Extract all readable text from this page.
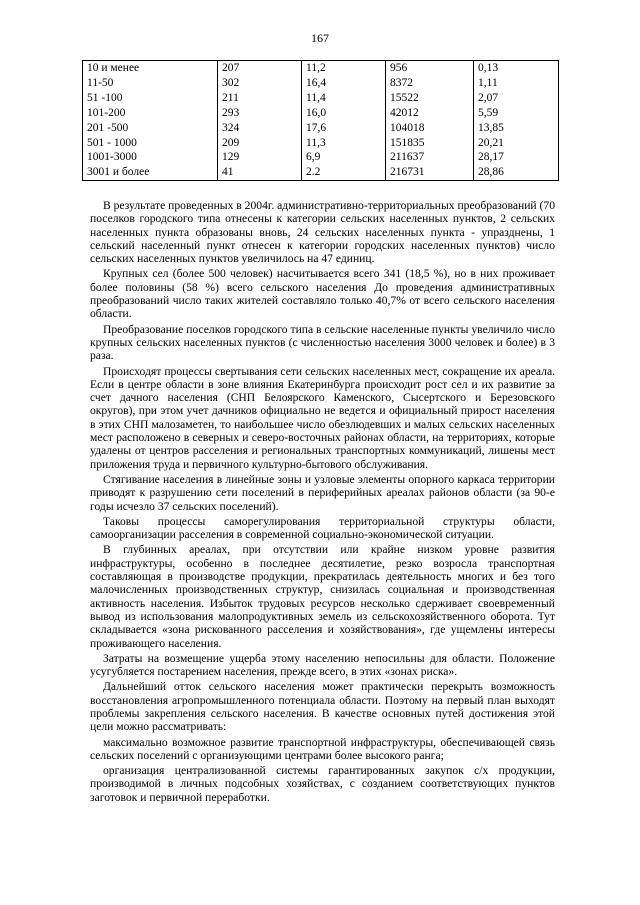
167
10 и менее	207	11,2	956	0,13
11-50	302	16,4	8372	1,11
51 -100	211	11,4	15522	2,07
101-200	293	16,0	42012	5,59
201 -500	324	17,6	104018	13,85
501 - 1000	209	11,3	151835	20,21
1001-3000	129	6,9	211637	28,17
3001 и более	41	2.2	216731	28,86

В результате проведенных в 2004г. административно-территориальных преобразований (70 поселков городского типа отнесены к категории сельских населенных пунктов, 2 сельских населенных пункта образованы вновь, 24 сельских населенных пункта - упразднены, 1 сельский населенный пункт отнесен к категории городских населенных пунктов) число сельских населенных пунктов увеличилось на 47 единиц.

Крупных сел (более 500 человек) насчитывается всего 341 (18,5 %), но в них проживает более половины (58 %) всего сельского населения До проведения административных преобразований число таких жителей составляло только 40,7% от всего сельского населения области.

Преобразование поселков городского типа в сельские населенные пункты увеличило число крупных сельских населенных пунктов (с численностью населения 3000 человек и более) в 3 раза.

Происходят процессы свертывания сети сельских населенных мест, сокращение их ареала. Если в центре области в зоне влияния Екатеринбурга происходит рост сел и их развитие за счет дачного населения (СНП Белоярского Каменского, Сысертского и Березовского округов), при этом учет дачников официально не ведется и официальный прирост населения в этих СНП малозаметен, то наибольшее число обезлюдевших и малых сельских населенных мест расположено в северных и северо-восточных районах области, на территориях, которые удалены от центров расселения и региональных транспортных коммуникаций, лишены мест приложения труда и первичного культурно-бытового обслуживания.

Стягивание населения в линейные зоны и узловые элементы опорного каркаса территории приводят к разрушению сети поселений в периферийных ареалах районов области (за 90-е годы исчезло 37 сельских поселений).

Таковы процессы саморегулирования территориальной структуры области, самоорганизации расселения в современной социально-экономической ситуации.

В глубинных ареалах, при отсутствии или крайне низком уровне развития инфраструктуры, особенно в последнее десятилетие, резко возросла транспортная составляющая в производстве продукции, прекратилась деятельность многих и без того малочисленных производственных структур, снизилась социальная и производственная активность населения. Избыток трудовых ресурсов несколько сдерживает своевременный вывод из использования малопродуктивных земель из сельскохозяйственного оборота. Тут складывается «зона рискованного расселения и хозяйствования», где ущемлены интересы проживающего населения.

Затраты на возмещение ущерба этому населению непосильны для области. Положение усугубляется постарением населения, прежде всего, в этих «зонах риска».

Дальнейший отток сельского населения может практически перекрыть возможность восстановления агропромышленного потенциала области. Поэтому на первый план выходят проблемы закрепления сельского населения. В качестве основных путей достижения этой цели можно рассматривать:

максимально возможное развитие транспортной инфраструктуры, обеспечивающей связь сельских поселений с организующими центрами более высокого ранга;

организация централизованной системы гарантированных закупок с/х продукции, производимой в личных подсобных хозяйствах, с созданием соответствующих пунктов заготовок и первичной переработки.
